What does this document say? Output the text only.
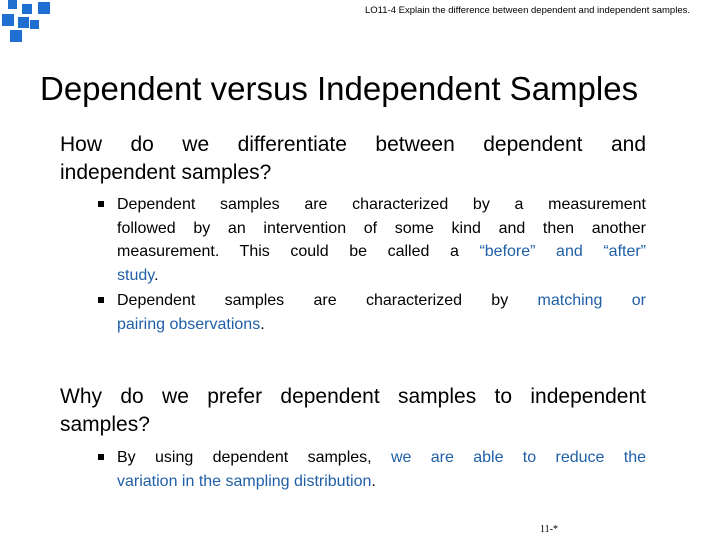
LO11-4 Explain the difference between dependent and independent samples.
Dependent versus Independent Samples

How do we differentiate between dependent and
independent samples?

Dependent samples are characterized by a measurement
followed by an intervention of some kind and then another
measurement. This could be called a “before” and “after”
study.
Dependent samples are characterized by matching or
pairing observations.

Why do we prefer dependent samples to independent
samples?

By using dependent samples, we are able to reduce the
variation in the sampling distribution.
11-*
